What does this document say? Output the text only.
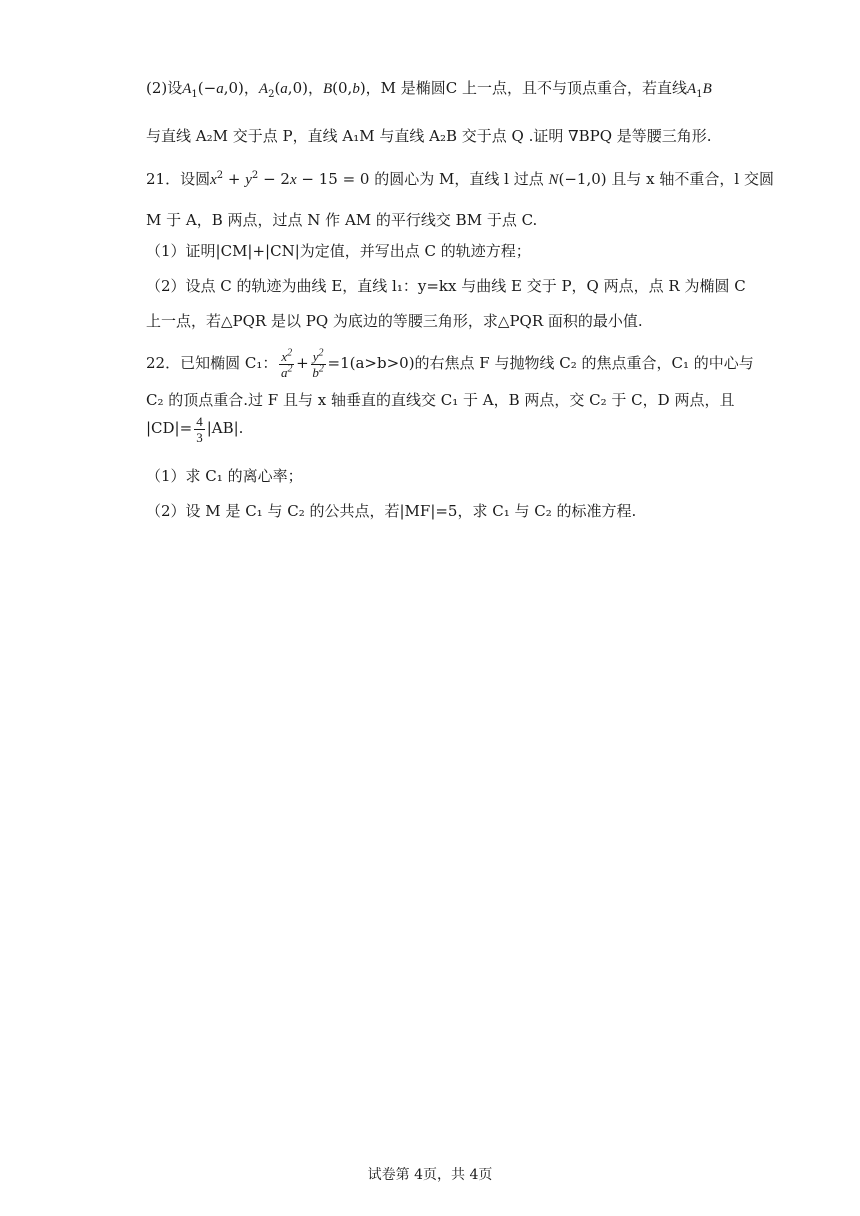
(2)设$A_1(-a,0)$，$A_2(a,0)$，B(0,b)，M 是椭圆C 上一点，且不与顶点重合，若直线$A_1B$
与直线 A₂M 交于点 P，直线 A₁M 与直线 A₂B 交于点 Q .证明 ∇BPQ 是等腰三角形.
21．设圆$x^2 + y^2 - 2x - 15 = 0$ 的圆心为 M，直线 l 过点 N(−1,0) 且与 x 轴不重合，l 交圆
M 于 A，B 两点，过点 N 作 AM 的平行线交 BM 于点 C.
（1）证明|CM|+|CN|为定值，并写出点 C 的轨迹方程；
（2）设点 C 的轨迹为曲线 E，直线 l₁：y=kx 与曲线 E 交于 P，Q 两点，点 R 为椭圆 C
上一点，若△PQR 是以 PQ 为底边的等腰三角形，求△PQR 面积的最小值.
22．已知椭圆 C₁： $\frac{x^2}{a^2} + \frac{y^2}{b^2} =1(a>b>0)$的右焦点 F 与抛物线 C₂ 的焦点重合，C₁ 的中心与
C₂ 的顶点重合.过 F 且与 x 轴垂直的直线交 C₁ 于 A，B 两点，交 C₂ 于 C，D 两点，且
$|CD|= \frac{4}{3} |AB|$.
（1）求 C₁ 的离心率；
（2）设 M 是 C₁ 与 C₂ 的公共点，若|MF|=5，求 C₁ 与 C₂ 的标准方程.
试卷第 4页，共 4页
